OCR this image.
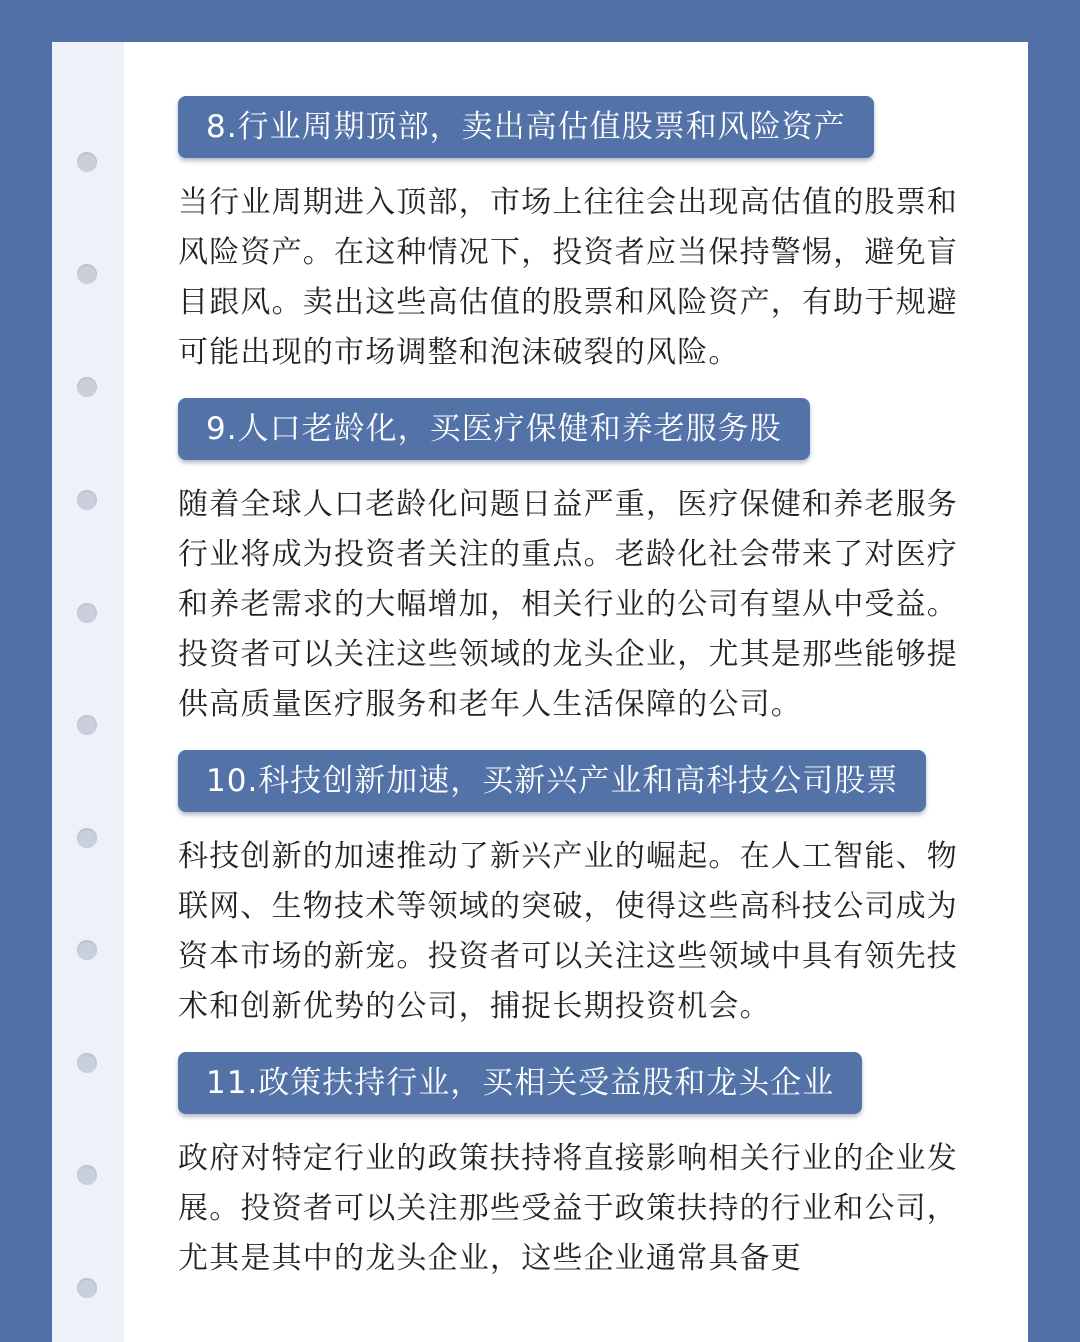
8.行业周期顶部，卖出高估值股票和风险资产

当行业周期进入顶部，市场上往往会出现高估值的股票和风险资产。在这种情况下，投资者应当保持警惕，避免盲目跟风。卖出这些高估值的股票和风险资产，有助于规避可能出现的市场调整和泡沫破裂的风险。

9.人口老龄化，买医疗保健和养老服务股

随着全球人口老龄化问题日益严重，医疗保健和养老服务行业将成为投资者关注的重点。老龄化社会带来了对医疗和养老需求的大幅增加，相关行业的公司有望从中受益。投资者可以关注这些领域的龙头企业，尤其是那些能够提供高质量医疗服务和老年人生活保障的公司。

10.科技创新加速，买新兴产业和高科技公司股票

科技创新的加速推动了新兴产业的崛起。在人工智能、物联网、生物技术等领域的突破，使得这些高科技公司成为资本市场的新宠。投资者可以关注这些领域中具有领先技术和创新优势的公司，捕捉长期投资机会。

11.政策扶持行业，买相关受益股和龙头企业

政府对特定行业的政策扶持将直接影响相关行业的企业发展。投资者可以关注那些受益于政策扶持的行业和公司，尤其是其中的龙头企业，这些企业通常具备更
